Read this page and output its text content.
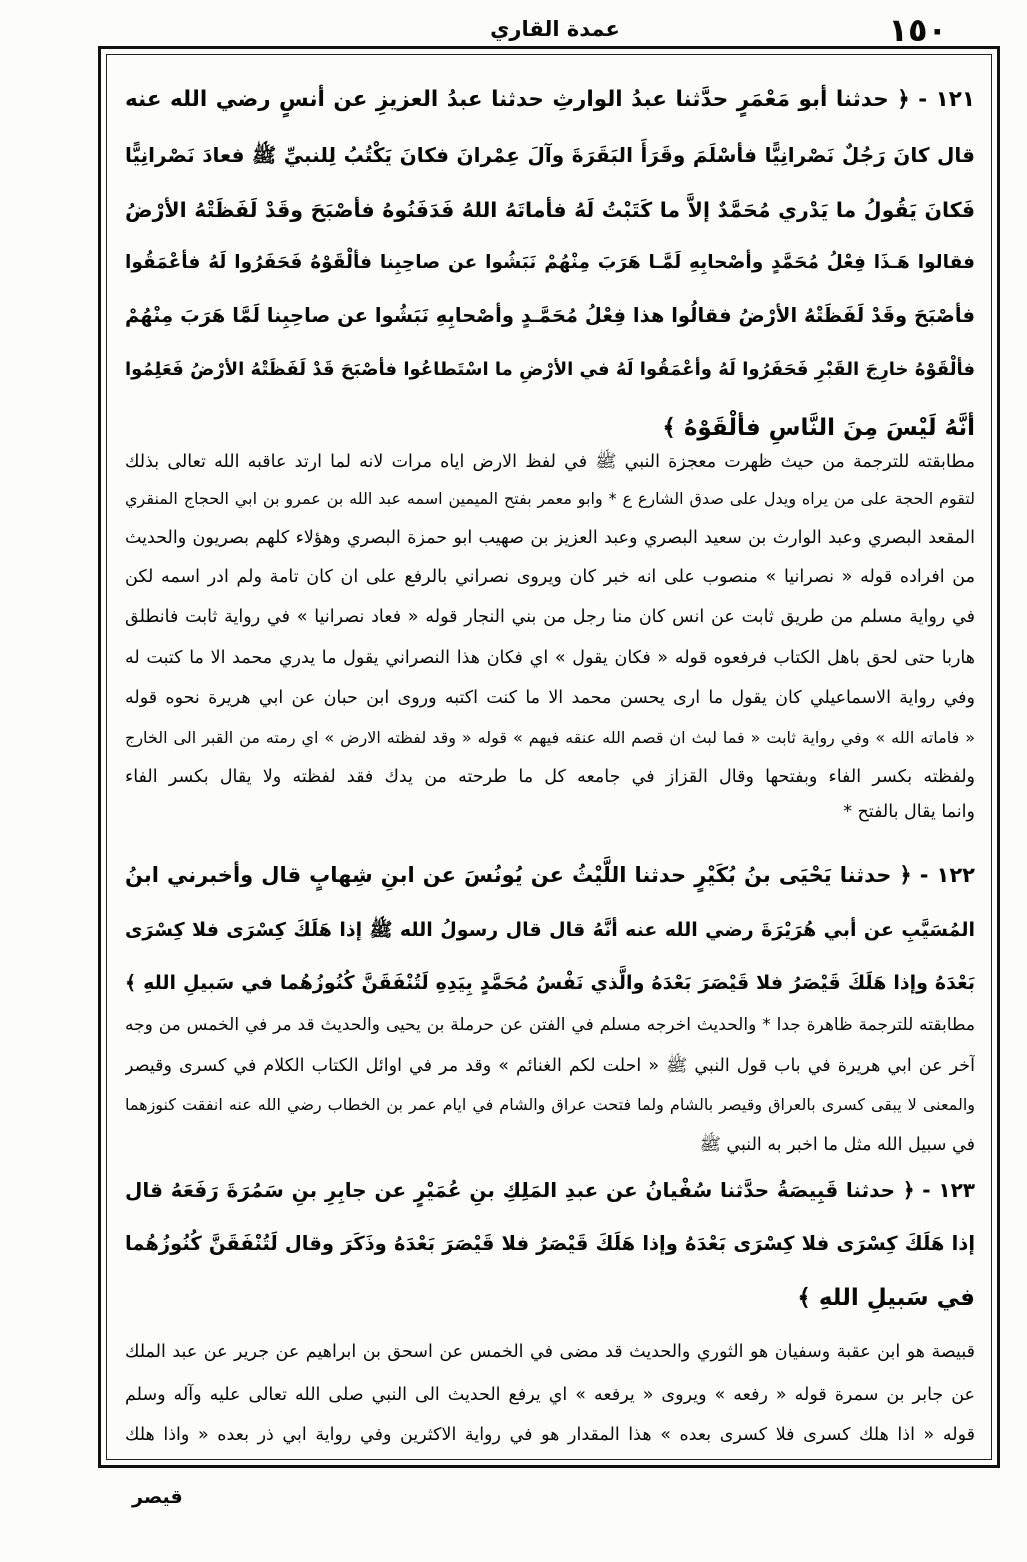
١٥٠
عمدة القاري
١٢١ - ﴿ حدثنا أبو مَعْمَرٍ حدَّثنا عبدُ الوارثِ حدثنا عبدُ العزيزِ عن أنسٍ رضي الله عنه
قال كانَ رَجُلٌ نَصْرانِيًّا فأسْلَمَ وقَرَأَ البَقَرَةَ وآلَ عِمْرانَ فكانَ يَكْتُبُ لِلنبيِّ ﷺ فعادَ نَصْرانِيًّا
فَكانَ يَقُولُ ما يَدْري مُحَمَّدٌ إلاَّ ما كَتَبْتُ لَهُ فأماتَهُ اللهُ فَدَفَنُوهُ فأصْبَحَ وقَدْ لَفَظَتْهُ الأرْضُ
فقالوا هَـذَا فِعْلُ مُحَمَّدٍ وأصْحابِهِ لَمَّـا هَرَبَ مِنْهُمْ نَبَشُوا عن صاحِبِنا فألْقَوْهُ فَحَفَرُوا لَهُ فأعْمَقُوا
فأصْبَحَ وقَدْ لَفَظَتْهُ الأرْضُ فقالُوا هذا فِعْلُ مُحَمَّـدٍ وأصْحابِهِ نَبَشُوا عن صاحِبِنا لَمَّا هَرَبَ مِنْهُمْ
فألْقَوْهُ خارِجَ القَبْرِ فَحَفَرُوا لَهُ وأعْمَقُوا لَهُ في الأرْضِ ما اسْتَطاعُوا فأصْبَحَ قَدْ لَفَظَتْهُ الأرْضُ فَعَلِمُوا
أنَّهُ لَيْسَ مِنَ النَّاسِ فألْقَوْهُ ﴾
مطابقته للترجمة من حيث ظهرت معجزة النبي ﷺ في لفظ الارض اياه مرات لانه لما ارتد عاقبه الله تعالى بذلك
لتقوم الحجة على من يراه ويدل على صدق الشارع ع * وابو معمر بفتح الميمين اسمه عبد الله بن عمرو بن ابي الحجاج المنقري
المقعد البصري وعبد الوارث بن سعيد البصري وعبد العزيز بن صهيب ابو حمزة البصري وهؤلاء كلهم بصريون والحديث
من افراده قوله « نصرانيا » منصوب على انه خبر كان ويروى نصراني بالرفع على ان كان تامة ولم ادر اسمه لكن
في رواية مسلم من طريق ثابت عن انس كان منا رجل من بني النجار قوله « فعاد نصرانيا » في رواية ثابت فانطلق
هاربا حتى لحق باهل الكتاب فرفعوه قوله « فكان يقول » اي فكان هذا النصراني يقول ما يدري محمد الا ما كتبت له
وفي رواية الاسماعيلي كان يقول ما ارى يحسن محمد الا ما كنت اكتبه وروى ابن حبان عن ابي هريرة نحوه قوله
« فاماته الله » وفي رواية ثابت « فما لبث ان قصم الله عنقه فيهم » قوله « وقد لفظته الارض » اي رمته من القبر الى الخارج
ولفظته بكسر الفاء وبفتحها وقال القزاز في جامعه كل ما طرحته من يدك فقد لفظته ولا يقال بكسر الفاء
وانما يقال بالفتح *
١٢٢ - ﴿ حدثنا يَحْيَى بنُ بُكَيْرٍ حدثنا اللَّيْثُ عن يُونُسَ عن ابنِ شِهابٍ قال وأخبرني ابنُ
المُسَيَّبِ عن أبي هُرَيْرَةَ رضي الله عنه أنَّهُ قال قال رسولُ الله ﷺ إذا هَلَكَ كِسْرَى فلا كِسْرَى
بَعْدَهُ وإذا هَلَكَ قَيْصَرُ فلا قَيْصَرَ بَعْدَهُ والَّذي نَفْسُ مُحَمَّدٍ بِيَدِهِ لَتُنْفَقَنَّ كُنُوزُهُما في سَبيلِ اللهِ ﴾
مطابقته للترجمة ظاهرة جدا * والحديث اخرجه مسلم في الفتن عن حرملة بن يحيى والحديث قد مر في الخمس من وجه
آخر عن ابي هريرة في باب قول النبي ﷺ « احلت لكم الغنائم » وقد مر في اوائل الكتاب الكلام في كسرى وقيصر
والمعنى لا يبقى كسرى بالعراق وقيصر بالشام ولما فتحت عراق والشام في ايام عمر بن الخطاب رضي الله عنه انفقت كنوزهما
في سبيل الله مثل ما اخبر به النبي ﷺ
١٢٣ - ﴿ حدثنا قَبِيصَةُ حدَّثنا سُفْيانُ عن عبدِ المَلِكِ بنِ عُمَيْرٍ عن جابِرِ بنِ سَمُرَةَ رَفَعَهُ قال
إذا هَلَكَ كِسْرَى فلا كِسْرَى بَعْدَهُ وإذا هَلَكَ قَيْصَرُ فلا قَيْصَرَ بَعْدَهُ وذَكَرَ وقال لَتُنْفَقَنَّ كُنُوزُهُما
في سَبيلِ اللهِ ﴾
قبيصة هو ابن عقبة وسفيان هو الثوري والحديث قد مضى في الخمس عن اسحق بن ابراهيم عن جرير عن عبد الملك
عن جابر بن سمرة قوله « رفعه » ويروى « يرفعه » اي يرفع الحديث الى النبي صلى الله تعالى عليه وآله وسلم
قوله « اذا هلك كسرى فلا كسرى بعده » هذا المقدار هو في رواية الاكثرين وفي رواية ابي ذر بعده « واذا هلك
قيصر
